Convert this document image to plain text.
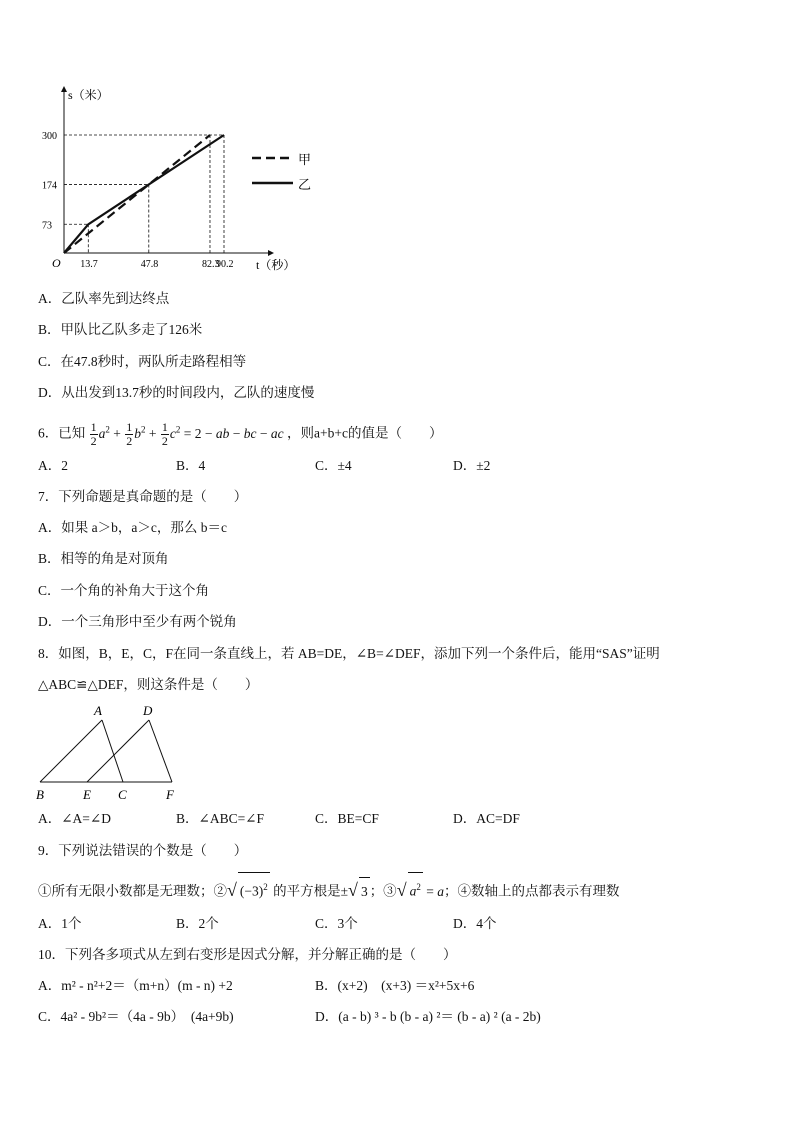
300
174
73
13.7	47.8	82.3
90.2
s（米）
t（秒）
O
甲
乙
A．乙队率先到达终点
B．甲队比乙队多走了126米
C．在47.8秒时，两队所走路程相等
D．从出发到13.7秒的时间段内，乙队的速度慢
6．已知 $\frac{1}{2} a^2 + \frac{1}{2} b^2 + \frac{1}{2} c^2 = 2$ − ab − bc − ac ，则a+b+c的值是（　　）
A．2	B．4	C．±4	D．±2
7．下列命题是真命题的是（　　）
A．如果 a＞b，a＞c，那么 b＝c
B．相等的角是对顶角
C．一个角的补角大于这个角
D．一个三角形中至少有两个锐角
8．如图，B，E，C，F在同一条直线上，若 AB=DE，∠B=∠DEF，添加下列一个条件后，能用“SAS”证明
△ABC≌△DEF，则这条件是（　　）
A	D
B	E C	F
A．∠A=∠D	B．∠ABC=∠F	C．BE=CF	D．AC=DF
9．下列说法错误的个数是（　　）
①所有无限小数都是无理数；②√ $(-3)^2$ 的平方根是±√ 3 ；③√ $a^2 = a$；④数轴上的点都表示有理数
A．1个	B．2个	C．3个	D．4个
10．下列各多项式从左到右变形是因式分解，并分解正确的是（　　）
A．m² - n²+2＝（m+n）(m - n) +2	B．(x+2)　(x+3) ＝x²+5x+6
C．4a² - 9b²＝（4a - 9b）　(4a+9b)	D．(a - b) ³ - b (b - a) ²＝ (b - a) ² (a - 2b)
